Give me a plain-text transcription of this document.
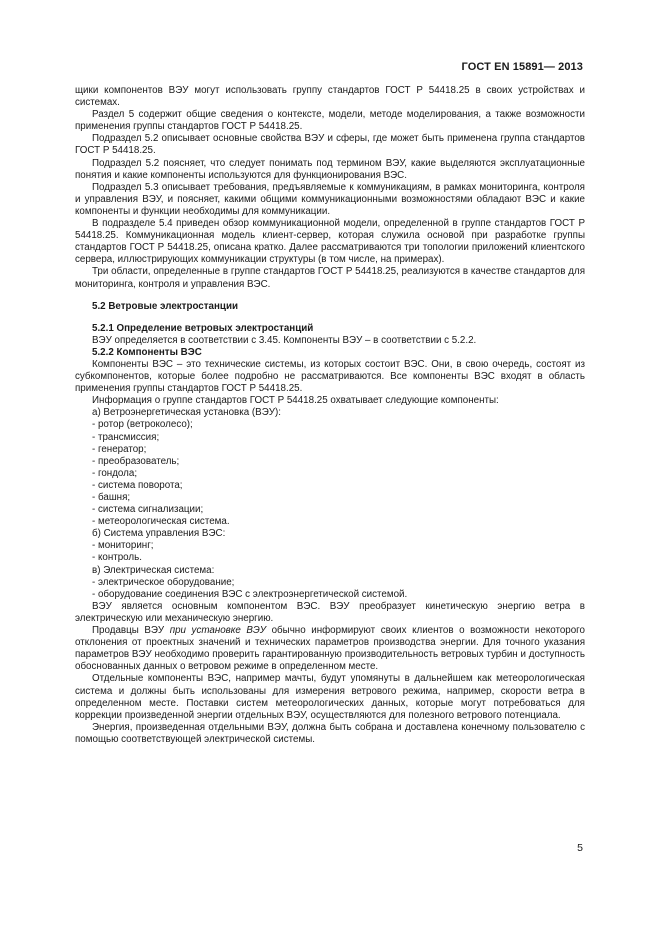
ГОСТ EN 15891— 2013

щики компонентов ВЭУ могут использовать группу стандартов ГОСТ Р 54418.25 в своих устройствах и системах.

Раздел 5 содержит общие сведения о контексте, модели, методе моделирования, а также возможности применения группы стандартов ГОСТ Р 54418.25.

Подраздел 5.2 описывает основные свойства ВЭУ и сферы, где может быть применена группа стандартов ГОСТ Р 54418.25.

Подраздел 5.2 поясняет, что следует понимать под термином ВЭУ, какие выделяются эксплуатационные понятия и какие компоненты используются для функционирования ВЭС.

Подраздел 5.3 описывает требования, предъявляемые к коммуникациям, в рамках мониторинга, контроля и управления ВЭУ, и поясняет, какими общими коммуникационными возможностями обладают ВЭС и какие компоненты и функции необходимы для коммуникации.

В подразделе 5.4 приведен обзор коммуникационной модели, определенной в группе стандартов ГОСТ Р 54418.25. Коммуникационная модель клиент-сервер, которая служила основой при разработке группы стандартов ГОСТ Р 54418.25, описана кратко. Далее рассматриваются три топологии приложений клиентского сервера, иллюстрирующих коммуникации структуры (в том числе, на примерах).

Три области, определенные в группе стандартов ГОСТ Р 54418.25, реализуются в качестве стандартов для мониторинга, контроля и управления ВЭС.

5.2 Ветровые электростанции
5.2.1 Определение ветровых электростанций

ВЭУ определяется в соответствии с 3.45. Компоненты ВЭУ – в соответствии с 5.2.2.

5.2.2 Компоненты ВЭС

Компоненты ВЭС – это технические системы, из которых состоит ВЭС. Они, в свою очередь, состоят из субкомпонентов, которые более подробно не рассматриваются. Все компоненты ВЭС входят в область применения группы стандартов ГОСТ Р 54418.25.

Информация о группе стандартов ГОСТ Р 54418.25 охватывает следующие компоненты:

а) Ветроэнергетическая установка (ВЭУ):

- ротор (ветроколесо);
- трансмиссия;
- генератор;
- преобразователь;
- гондола;
- система поворота;
- башня;
- система сигнализации;
- метеорологическая система.

б) Система управления ВЭС:

- мониторинг;
- контроль.

в) Электрическая система:

- электрическое оборудование;
- оборудование соединения ВЭС с электроэнергетической системой.

ВЭУ является основным компонентом ВЭС. ВЭУ преобразует кинетическую энергию ветра в электрическую или механическую энергию.

Продавцы ВЭУ при установке ВЭУ обычно информируют своих клиентов о возможности некоторого отклонения от проектных значений и технических параметров производства энергии. Для точного указания параметров ВЭУ необходимо проверить гарантированную производительность ветровых турбин и доступность обоснованных данных о ветровом режиме в определенном месте.

Отдельные компоненты ВЭС, например мачты, будут упомянуты в дальнейшем как метеорологическая система и должны быть использованы для измерения ветрового режима, например, скорости ветра в определенном месте. Поставки систем метеорологических данных, которые могут потребоваться для коррекции произведенной энергии отдельных ВЭУ, осуществляются для полезного ветрового потенциала.

Энергия, произведенная отдельными ВЭУ, должна быть собрана и доставлена конечному пользователю с помощью соответствующей электрической системы.

5
